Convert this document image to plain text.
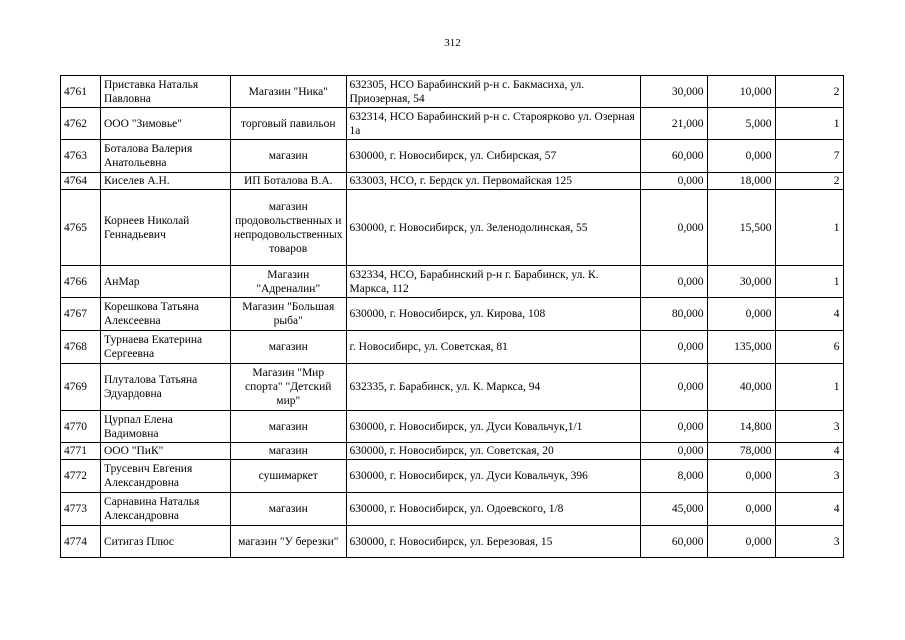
312
4761	Приставка Наталья Павловна	Магазин "Ника"	632305, НСО Барабинский р-н с. Бакмасиха, ул. Приозерная, 54	30,000	10,000	2
4762	ООО "Зимовье"	торговый павильон	632314, НСО Барабинский р-н с. Староярково ул. Озерная 1а	21,000	5,000	1
4763	Боталова Валерия Анатольевна	магазин	630000, г. Новосибирск, ул. Сибирская, 57	60,000	0,000	7
4764	Киселев А.Н.	ИП Боталова В.А.	633003, НСО, г. Бердск ул. Первомайская 125	0,000	18,000	2
4765	Корнеев Николай Геннадьевич	магазин продовольственных и непродовольственных товаров	630000, г. Новосибирск, ул. Зеленодолинская, 55	0,000	15,500	1
4766	АнМар	Магазин "Адреналин"	632334, НСО, Барабинский р-н г. Барабинск, ул. К. Маркса, 112	0,000	30,000	1
4767	Корешкова Татьяна Алексеевна	Магазин "Большая рыба"	630000, г. Новосибирск, ул. Кирова, 108	80,000	0,000	4
4768	Турнаева Екатерина Сергеевна	магазин	г. Новосибирс, ул. Советская, 81	0,000	135,000	6
4769	Плуталова Татьяна Эдуардовна	Магазин "Мир спорта" "Детский мир"	632335, г. Барабинск, ул. К. Маркса, 94	0,000	40,000	1
4770	Цурпал Елена Вадимовна	магазин	630000, г. Новосибирск, ул. Дуси Ковальчук,1/1	0,000	14,800	3
4771	ООО "ПиК"	магазин	630000, г. Новосибирск, ул. Советская, 20	0,000	78,000	4
4772	Трусевич Евгения Александровна	сушимаркет	630000, г. Новосибирск, ул. Дуси Ковальчук, 396	8,000	0,000	3
4773	Сарнавина Наталья Александровна	магазин	630000, г. Новосибирск, ул. Одоевского, 1/8	45,000	0,000	4
4774	Ситигаз Плюс	магазин "У березки"	630000, г. Новосибирск, ул. Березовая, 15	60,000	0,000	3
